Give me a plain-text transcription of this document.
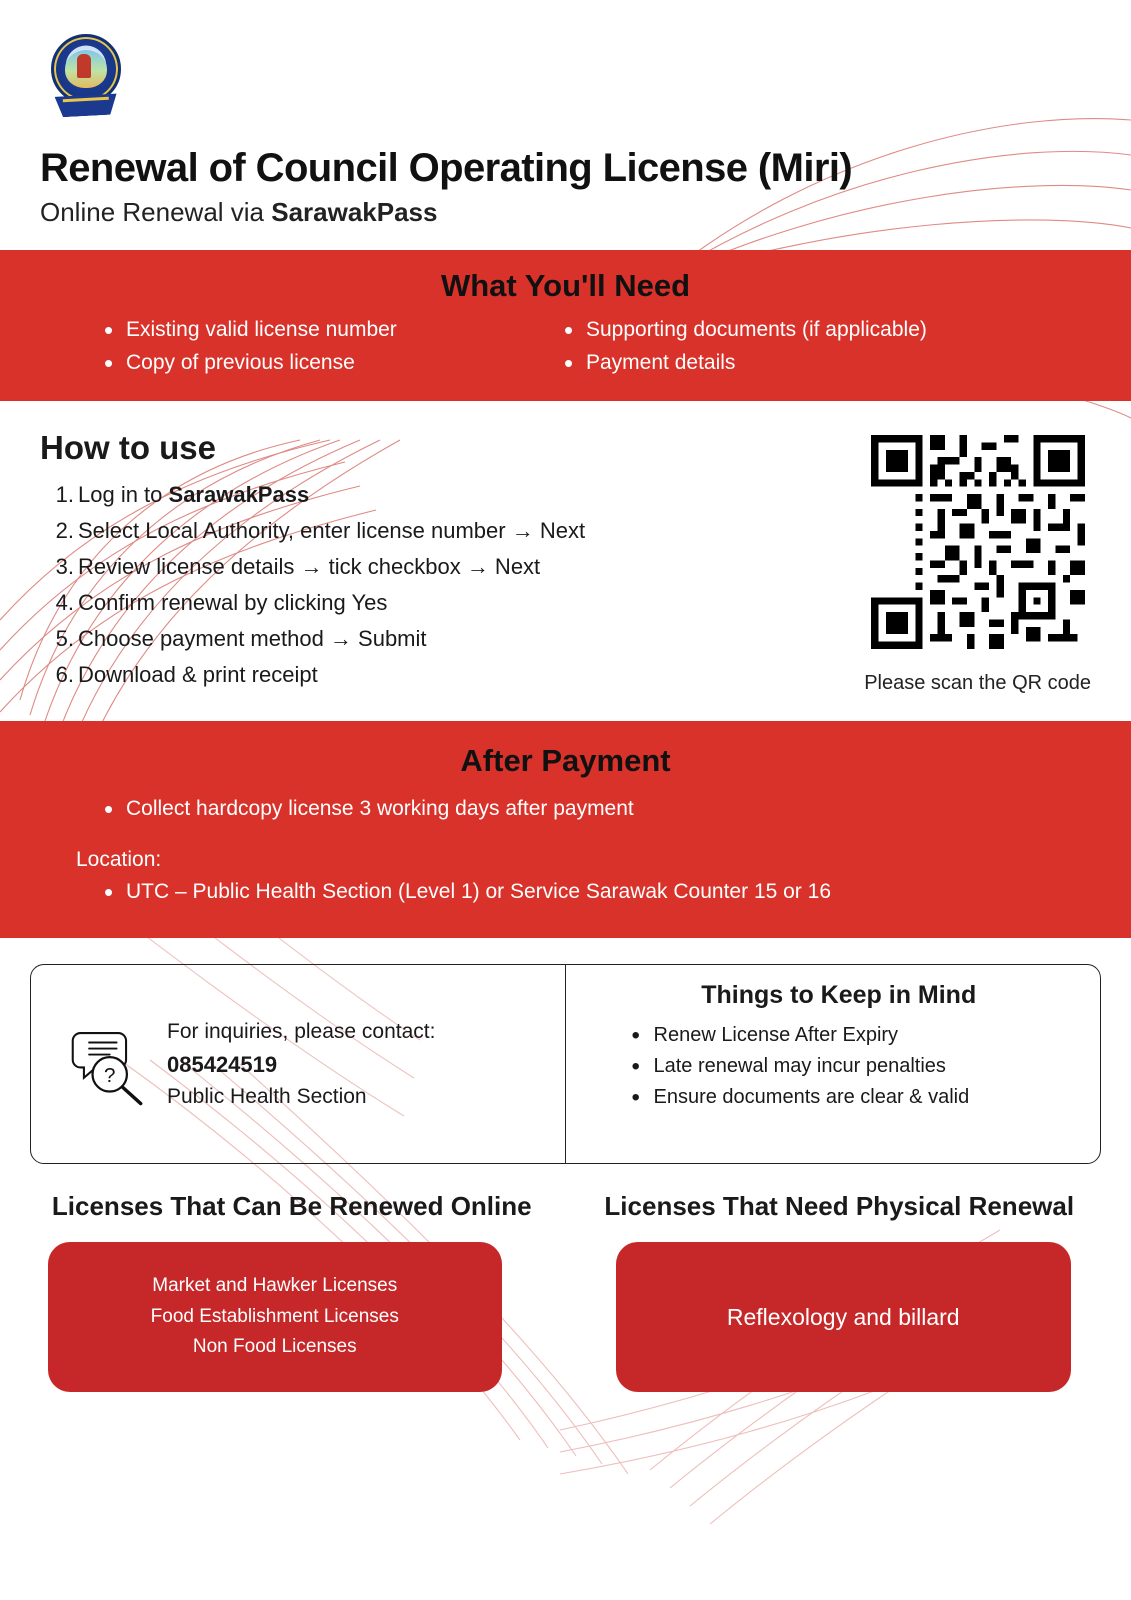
Renewal of Council Operating License (Miri)
Online Renewal via SarawakPass
What You'll Need
• Existing valid license number
• Copy of previous license
• Supporting documents (if applicable)
• Payment details
How to use
Log in to SarawakPass
Select Local Authority, enter license number → Next
Review license details → tick checkbox → Next
Confirm renewal by clicking Yes
Choose payment method → Submit
Download & print receipt	Please scan the QR code
After Payment
• Collect hardcopy license 3 working days after payment
Location:
• UTC – Public Health Section (Level 1) or Service Sarawak Counter 15 or 16
?
For inquiries, please contact:
085424519
Public Health Section
Things to Keep in Mind
• Renew License After Expiry
• Late renewal may incur penalties
• Ensure documents are clear & valid
Licenses That Can Be Renewed Online
Market and Hawker Licenses
Food Establishment Licenses
Non Food Licenses
Licenses That Need Physical Renewal
Reflexology and billard
